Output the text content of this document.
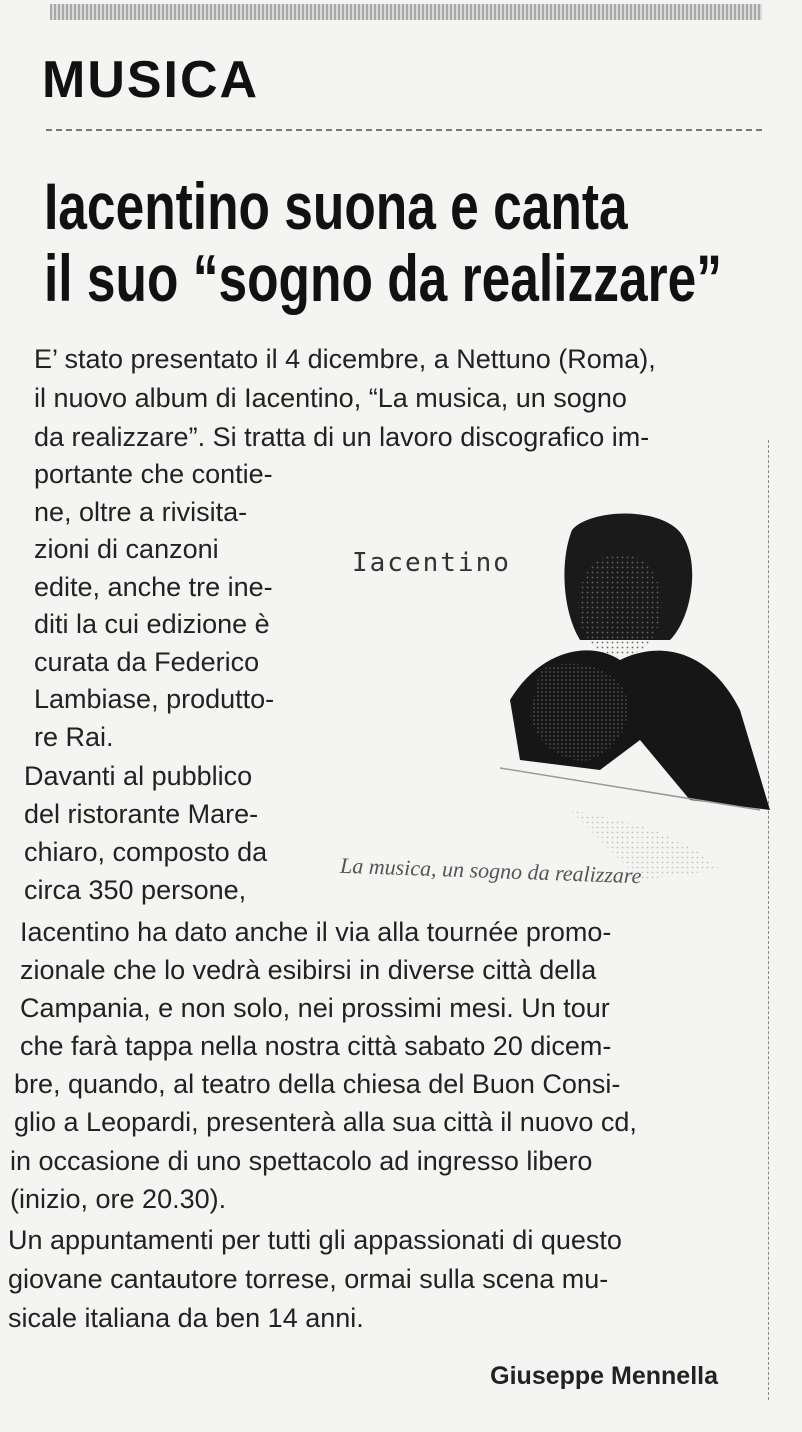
MUSICA
Iacentino suona e canta
il suo “sogno da realizzare”
E’ stato presentato il 4 dicembre, a Nettuno (Roma),
il nuovo album di Iacentino, “La musica, un sogno
da realizzare”. Si tratta di un lavoro discografico im-
portante che contie-
ne, oltre a rivisita-
zioni di canzoni
edite, anche tre ine-
diti la cui edizione è
curata da Federico
Lambiase, produtto-
re Rai.
Davanti al pubblico
del ristorante Mare-
chiaro, composto da
circa 350 persone,
Iacentino ha dato anche il via alla tournée promo-
zionale che lo vedrà esibirsi in diverse città della
Campania, e non solo, nei prossimi mesi. Un tour
che farà tappa nella nostra città sabato 20 dicem-
bre, quando, al teatro della chiesa del Buon Consi-
glio a Leopardi, presenterà alla sua città il nuovo cd,
in occasione di uno spettacolo ad ingresso libero
(inizio, ore 20.30).
Un appuntamenti per tutti gli appassionati di questo
giovane cantautore torrese, ormai sulla scena mu-
sicale italiana da ben 14 anni.
Iacentino
La musica, un sogno da realizzare
Giuseppe Mennella
